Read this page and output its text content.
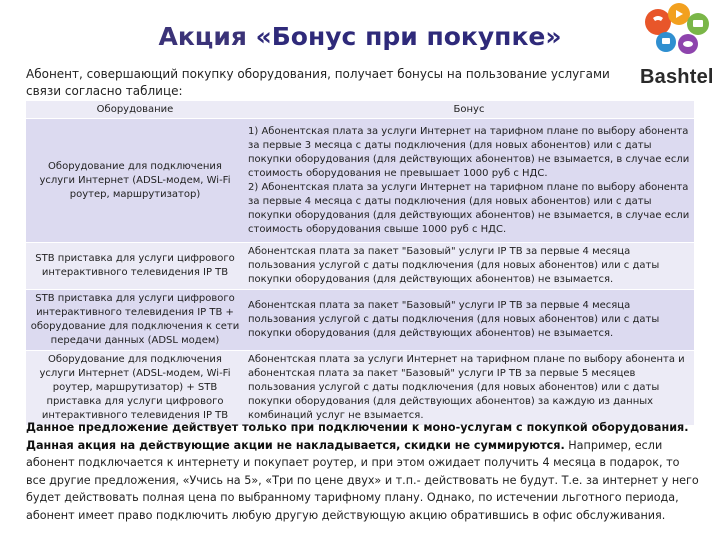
Акция «Бонус при покупке»
Bashtel
Абонент, совершающий покупку оборудования, получает бонусы на пользование услугами связи согласно таблице:
Оборудование	Бонус
Оборудование для подключения услуги Интернет (ADSL-модем, Wi-Fi роутер, маршрутизатор)	1) Абонентская плата за услуги Интернет на тарифном плане по выбору абонента за первые 3 месяца с даты подключения (для новых абонентов) или с даты покупки оборудования (для действующих абонентов) не взымается, в случае если стоимость оборудования не превышает 1000 руб с НДС.
2) Абонентская плата за услуги Интернет на тарифном плане по выбору абонента за первые 4 месяца с даты подключения (для новых абонентов) или с даты покупки оборудования (для действующих абонентов) не взымается, в случае если стоимость оборудования свыше 1000 руб с НДС.
STB приставка для услуги цифрового интерактивного телевидения IP TB	Абонентская плата за пакет "Базовый" услуги IP TB за первые 4 месяца пользования услугой с даты подключения (для новых абонентов) или с даты покупки оборудования (для действующих абонентов) не взымается.
STB приставка для услуги цифрового интерактивного телевидения IP TB + оборудование для подключения к сети передачи данных (ADSL модем)	Абонентская плата за пакет "Базовый" услуги IP TB за первые 4 месяца пользования услугой с даты подключения (для новых абонентов) или с даты покупки оборудования (для действующих абонентов) не взымается.
Оборудование для подключения услуги Интернет (ADSL-модем, Wi-Fi роутер, маршрутизатор) + STB приставка для услуги цифрового интерактивного телевидения IP TB	Абонентская плата за услуги Интернет на тарифном плане по выбору абонента и абонентская плата за пакет "Базовый" услуги IP TB за первые 5 месяцев пользования услугой с даты подключения (для новых абонентов) или с даты покупки оборудования (для действующих абонентов) за каждую из данных комбинаций услуг не взымается.
Данное предложение действует только при подключении к моно-услугам с покупкой оборудования. Данная акция на действующие акции не накладывается, скидки не суммируются. Например, если абонент подключается к интернету и покупает роутер, и при этом ожидает получить 4 месяца в подарок, то все другие предложения, «Учись на 5», «Три по цене двух» и т.п.- действовать не будут. Т.е. за интернет у него будет действовать полная цена по выбранному тарифному плану. Однако, по истечении льготного периода, абонент имеет право подключить любую другую действующую акцию обратившись в офис обслуживания.
